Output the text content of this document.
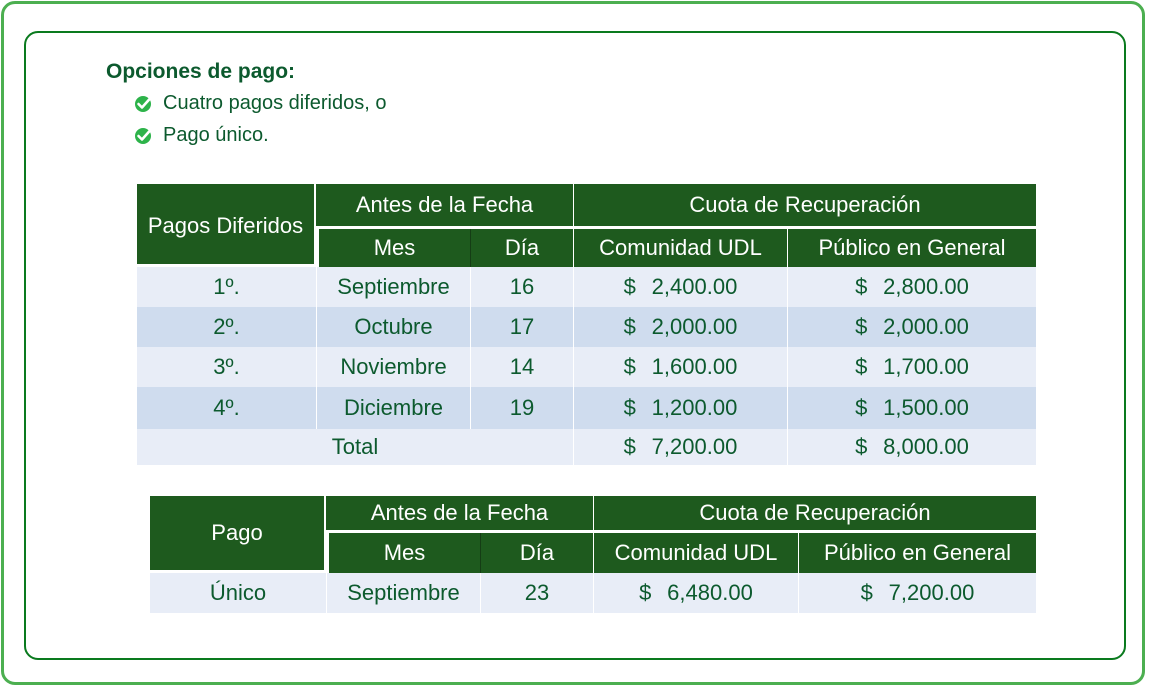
Opciones de pago:
Cuatro pagos diferidos, o
Pago único.
Pagos Diferidos	Antes de la Fecha		Cuota de Recuperación	
	Mes	Día	Comunidad UDL	Público en General
1º.	Septiembre	16	$ 2,400.00	$ 2,800.00
2º.	Octubre	17	$ 2,000.00	$ 2,000.00
3º.	Noviembre	14	$ 1,600.00	$ 1,700.00
4º.	Diciembre	19	$ 1,200.00	$ 1,500.00
Total			$ 7,200.00	$ 8,000.00
Pago	Antes de la Fecha		Cuota de Recuperación	
	Mes	Día	Comunidad UDL	Público en General
Único	Septiembre	23	$ 6,480.00	$ 7,200.00
